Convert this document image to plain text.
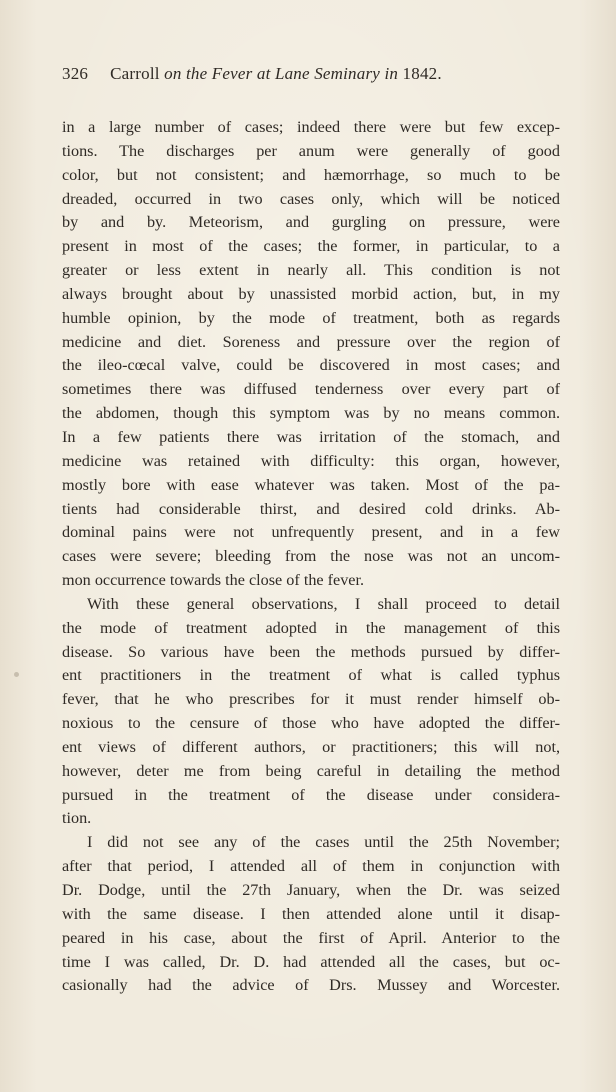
326 Carroll on the Fever at Lane Seminary in 1842.
in a large number of cases; indeed there were but few excep-
tions. The discharges per anum were generally of good
color, but not consistent; and hæmorrhage, so much to be
dreaded, occurred in two cases only, which will be noticed
by and by. Meteorism, and gurgling on pressure, were
present in most of the cases; the former, in particular, to a
greater or less extent in nearly all. This condition is not
always brought about by unassisted morbid action, but, in my
humble opinion, by the mode of treatment, both as regards
medicine and diet. Soreness and pressure over the region of
the ileo-cœcal valve, could be discovered in most cases; and
sometimes there was diffused tenderness over every part of
the abdomen, though this symptom was by no means common.
In a few patients there was irritation of the stomach, and
medicine was retained with difficulty: this organ, however,
mostly bore with ease whatever was taken. Most of the pa-
tients had considerable thirst, and desired cold drinks. Ab-
dominal pains were not unfrequently present, and in a few
cases were severe; bleeding from the nose was not an uncom-
mon occurrence towards the close of the fever.
With these general observations, I shall proceed to detail
the mode of treatment adopted in the management of this
disease. So various have been the methods pursued by differ-
ent practitioners in the treatment of what is called typhus
fever, that he who prescribes for it must render himself ob-
noxious to the censure of those who have adopted the differ-
ent views of different authors, or practitioners; this will not,
however, deter me from being careful in detailing the method
pursued in the treatment of the disease under considera-
tion.
I did not see any of the cases until the 25th November;
after that period, I attended all of them in conjunction with
Dr. Dodge, until the 27th January, when the Dr. was seized
with the same disease. I then attended alone until it disap-
peared in his case, about the first of April. Anterior to the
time I was called, Dr. D. had attended all the cases, but oc-
casionally had the advice of Drs. Mussey and Worcester.
